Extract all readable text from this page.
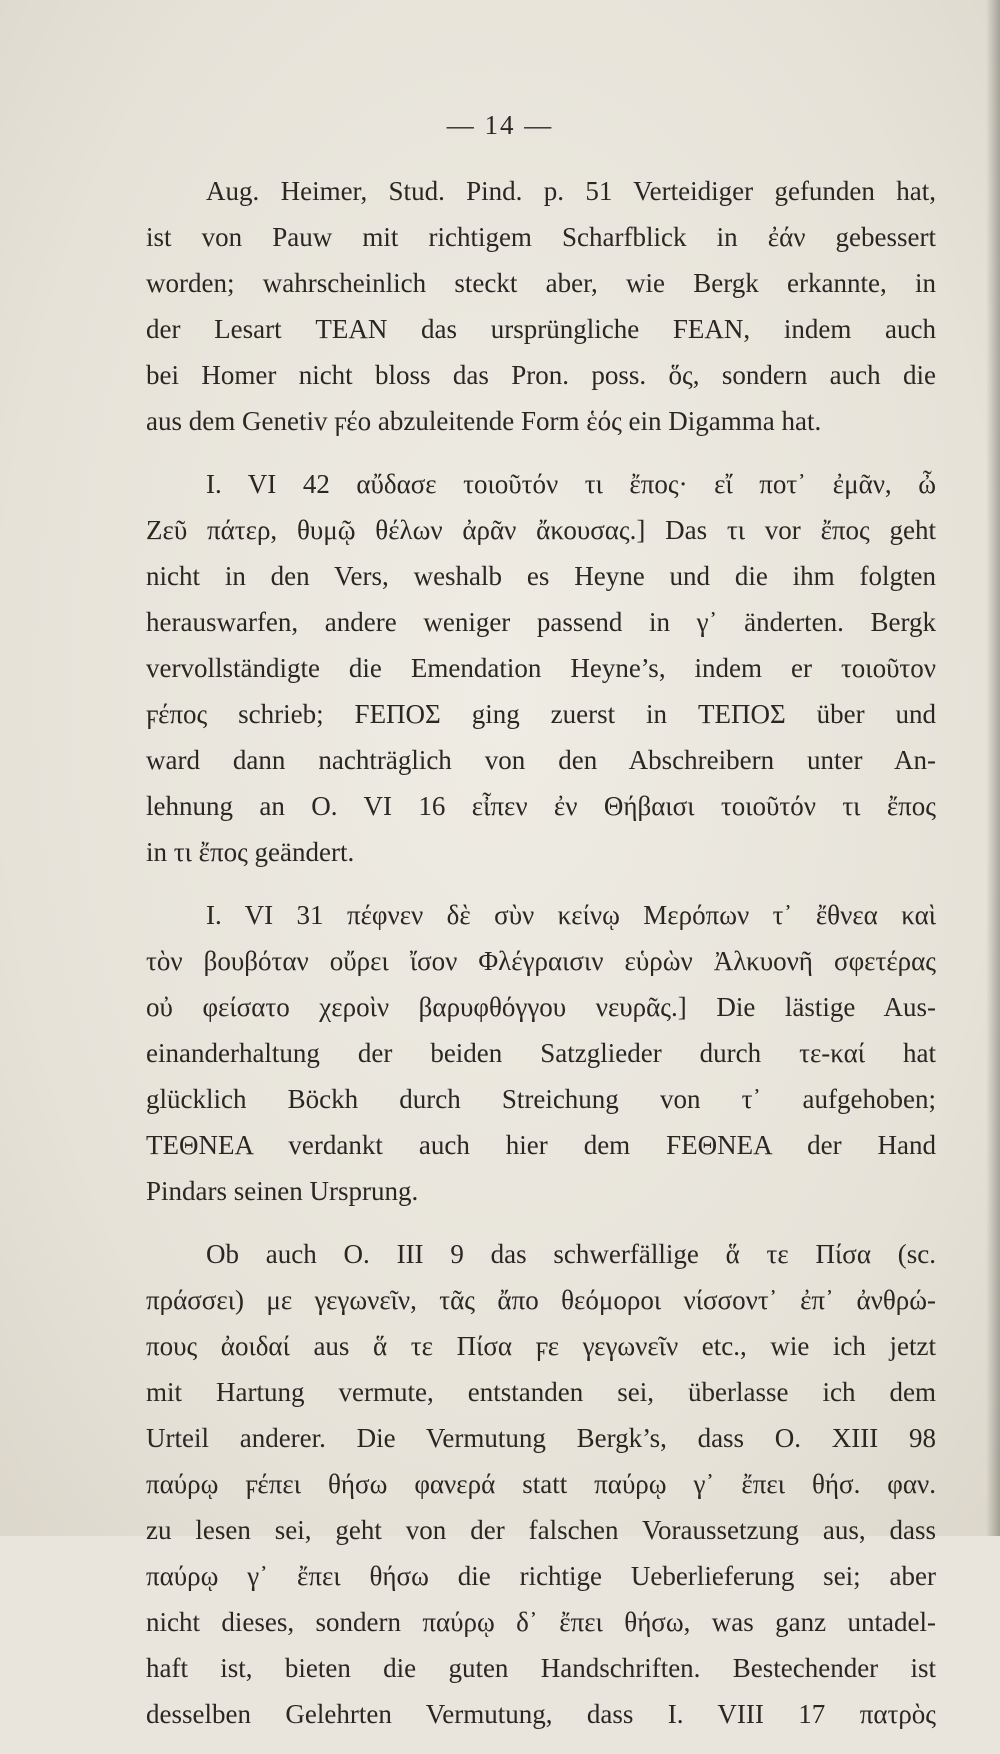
— 14 —
Aug. Heimer, Stud. Pind. p. 51 Verteidiger gefunden hat,
ist von Pauw mit richtigem Scharfblick in ἐάν gebessert
worden; wahrscheinlich steckt aber, wie Bergk erkannte, in
der Lesart ΤΕΑΝ das ursprüngliche ϜΕΑΝ, indem auch
bei Homer nicht bloss das Pron. poss. ὅς, sondern auch die
aus dem Genetiv ϝέο abzuleitende Form ἑός ein Digamma hat.
I. VI 42 αὔδασε τοιοῦτόν τι ἔπος· εἴ ποτ᾽ ἐμᾶν, ὦ
Ζεῦ πάτερ, θυμῷ θέλων ἀρᾶν ἄκουσας.] Das τι vor ἔπος geht
nicht in den Vers, weshalb es Heyne und die ihm folgten
herauswarfen, andere weniger passend in γ᾽ änderten. Bergk
vervollständigte die Emendation Heyne’s, indem er τοιοῦτον
ϝέπος schrieb; ϜΕΠΟΣ ging zuerst in ΤΕΠΟΣ über und
ward dann nachträglich von den Abschreibern unter An-
lehnung an O. VI 16 εἶπεν ἐν Θήβαισι τοιοῦτόν τι ἔπος
in τι ἔπος geändert.
I. VI 31 πέφνεν δὲ σὺν κείνῳ Μερόπων τ᾽ ἔθνεα καὶ
τὸν βουβόταν οὔρει ἴσον Φλέγραισιν εὑρὼν Ἀλκυονῆ σφετέρας
οὐ φείσατο χεροὶν βαρυφθόγγου νευρᾶς.] Die lästige Aus-
einanderhaltung der beiden Satzglieder durch τε-καί hat
glücklich Böckh durch Streichung von τ᾽ aufgehoben;
ΤΕΘΝΕΑ verdankt auch hier dem ϜΕΘΝΕΑ der Hand
Pindars seinen Ursprung.
Ob auch O. III 9 das schwerfällige ἅ τε Πίσα (sc.
πράσσει) με γεγωνεῖν, τᾶς ἄπο θεόμοροι νίσσοντ᾽ ἐπ᾽ ἀνθρώ-
πους ἀοιδαί aus ἅ τε Πίσα ϝε γεγωνεῖν etc., wie ich jetzt
mit Hartung vermute, entstanden sei, überlasse ich dem
Urteil anderer. Die Vermutung Bergk’s, dass O. XIII 98
παύρῳ ϝέπει θήσω φανερά statt παύρῳ γ᾽ ἔπει θήσ. φαν.
zu lesen sei, geht von der falschen Voraussetzung aus, dass
παύρῳ γ᾽ ἔπει θήσω die richtige Ueberlieferung sei; aber
nicht dieses, sondern παύρῳ δ᾽ ἔπει θήσω, was ganz untadel-
haft ist, bieten die guten Handschriften. Bestechender ist
desselben Gelehrten Vermutung, dass I. VIII 17 πατρὸς
